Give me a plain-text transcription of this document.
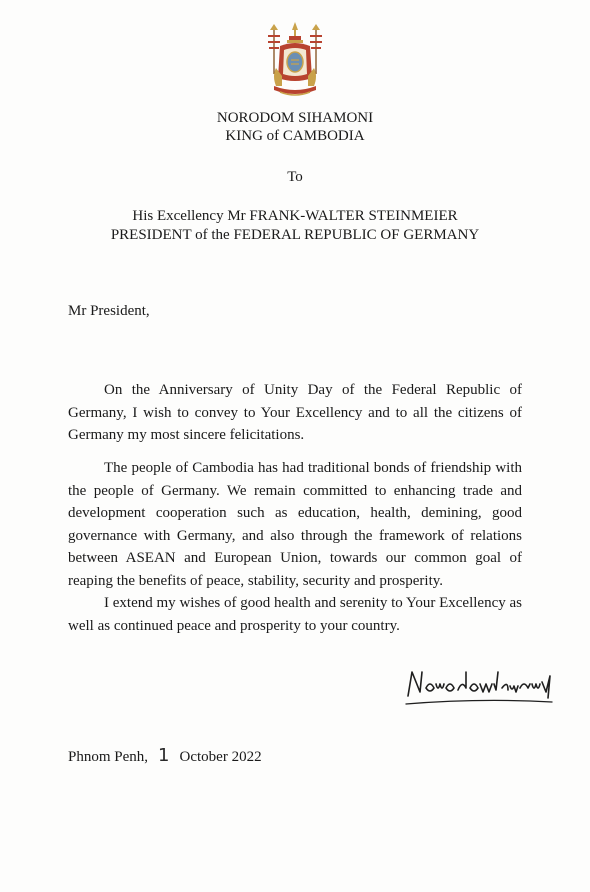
NORODOM SIHAMONI
KING of CAMBODIA
To
His Excellency Mr FRANK-WALTER STEINMEIER
PRESIDENT of the FEDERAL REPUBLIC OF GERMANY
Mr President,

On the Anniversary of Unity Day of the Federal Republic of Germany, I wish to convey to Your Excellency and to all the citizens of Germany my most sincere felicitations.

The people of Cambodia has had traditional bonds of friendship with the people of Germany. We remain committed to enhancing trade and development cooperation such as education, health, demining, good governance with Germany, and also through the framework of relations between ASEAN and European Union, towards our common goal of reaping the benefits of peace, stability, security and prosperity.

I extend my wishes of good health and serenity to Your Excellency as well as continued peace and prosperity to your country.

Phnom Penh, 1 October 2022
